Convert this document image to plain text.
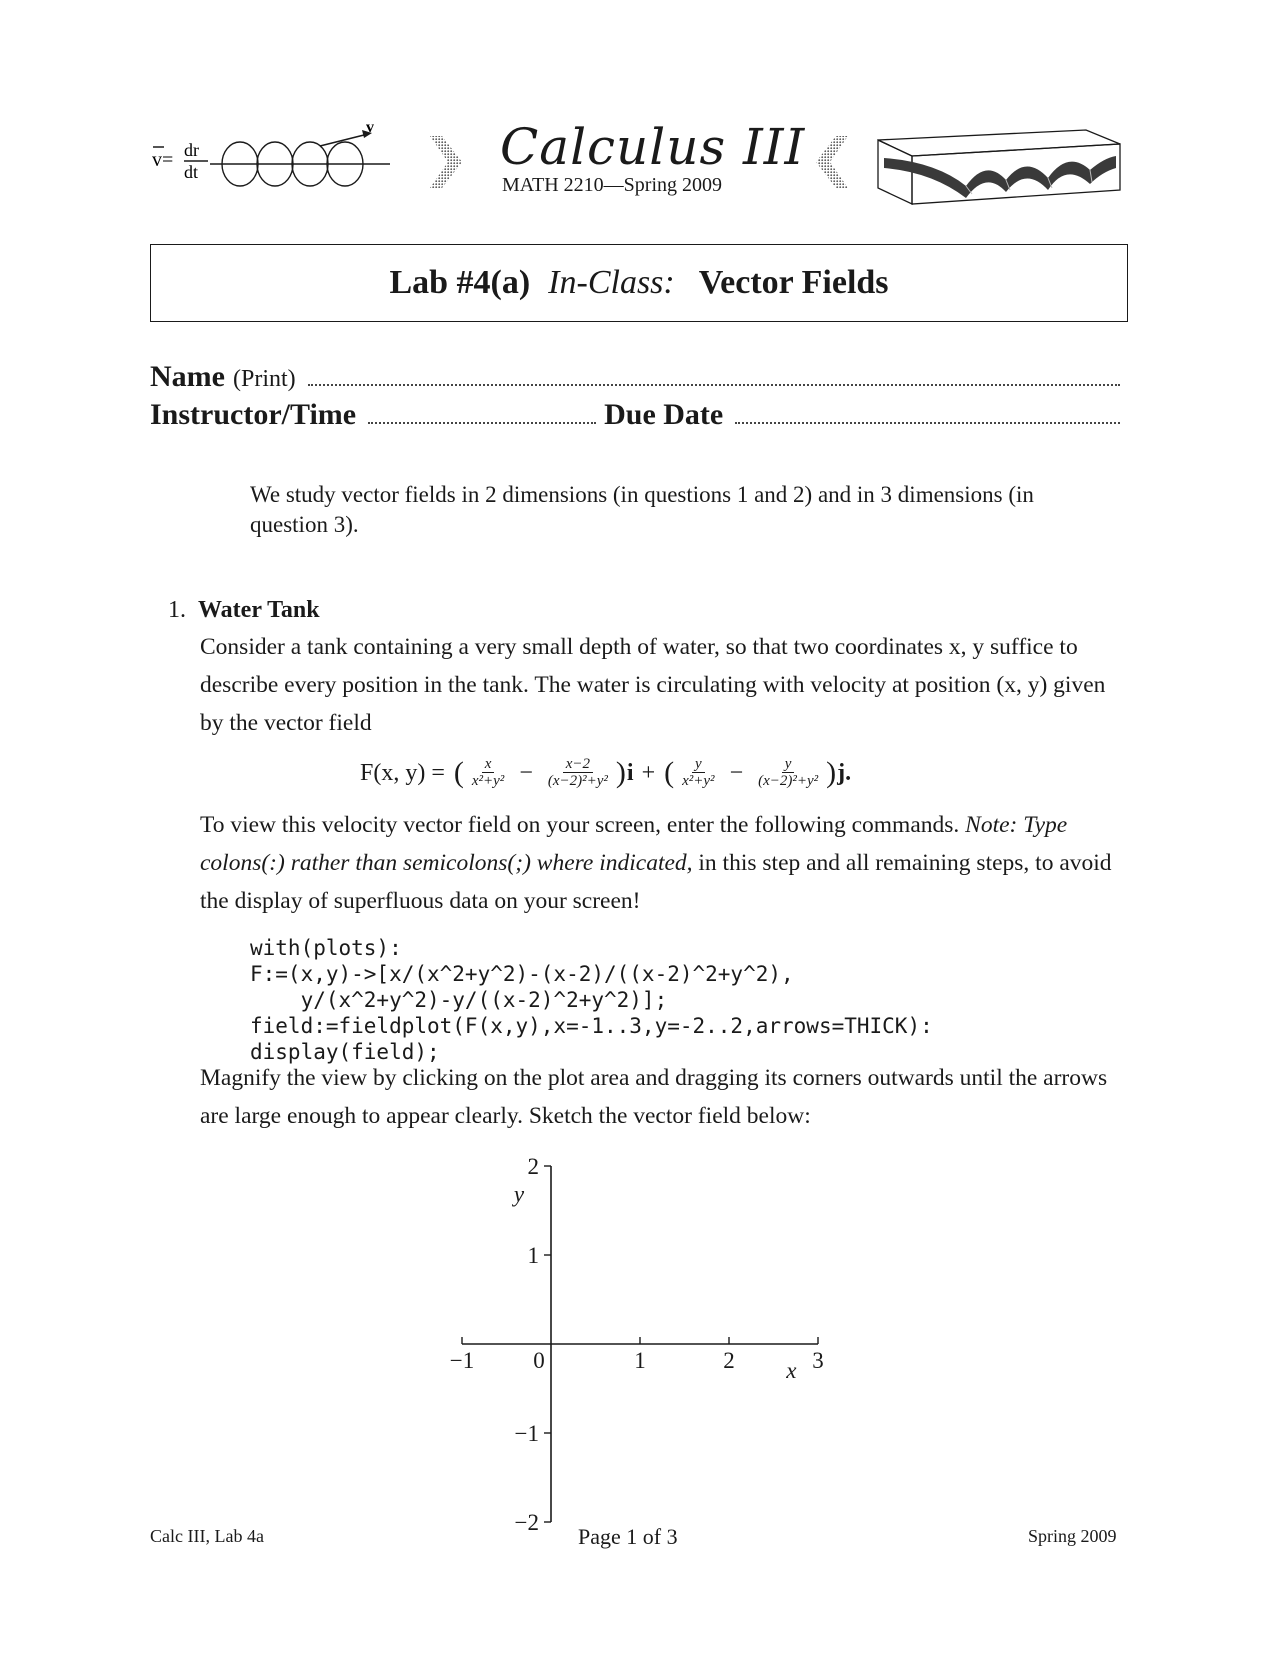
v= dr
dt
v	Calculus III
MATH 2210—Spring 2009
Lab #4(a) In-Class: Vector Fields
Name (Print)
Instructor/Time	Due Date
We study vector fields in 2 dimensions (in questions 1 and 2) and in 3 dimensions (in question 3).
1. Water Tank
Consider a tank containing a very small depth of water, so that two coordinates x, y suffice to describe every position in the tank. The water is circulating with velocity at position (x, y) given by the vector field
F(x, y) = ( $\frac{x}{\text{x²+y²}} - \frac{x-2}{\text{(x−2)²+y²}}$ ) i + ( $\frac{y}{\text{x²+y²}} - \frac{y}{\text{(x−2)²+y²}}$ ) j.
To view this velocity vector field on your screen, enter the following commands. Note: Type colons(:) rather than semicolons(;) where indicated, in this step and all remaining steps, to avoid the display of superfluous data on your screen!
with(plots):
F:=(x,y)->[x/(x^2+y^2)-(x-2)/((x-2)^2+y^2),
y/(x^2+y^2)-y/((x-2)^2+y^2)];
field:=fieldplot(F(x,y),x=-1..3,y=-2..2,arrows=THICK):
display(field);
Magnify the view by clicking on the plot area and dragging its corners outwards until the arrows are large enough to appear clearly. Sketch the vector field below:
−1	0	1	2	3
2
1
−1
−2
x
y
Calc III, Lab 4a	Page 1 of 3	Spring 2009
